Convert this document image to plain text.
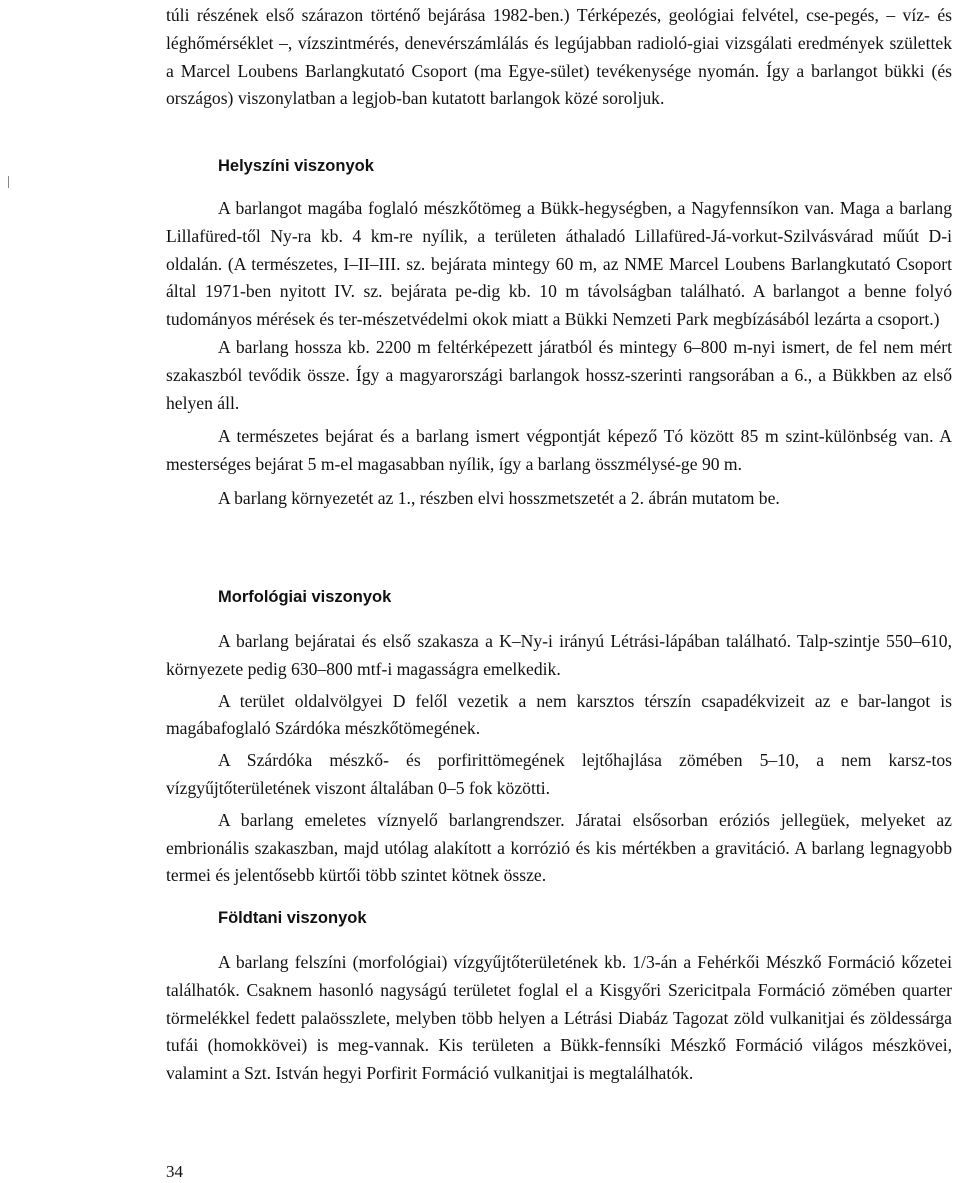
túli részének első szárazon történő bejárása 1982-ben.) Térképezés, geológiai felvétel, cse-pegés, – víz- és léghőmérséklet –, vízszintmérés, denevérszámlálás és legújabban radioló-giai vizsgálati eredmények születtek a Marcel Loubens Barlangkutató Csoport (ma Egye-sület) tevékenysége nyomán. Így a barlangot bükki (és országos) viszonylatban a legjob-ban kutatott barlangok közé soroljuk.

Helyszíni viszonyok

A barlangot magába foglaló mészkőtömeg a Bükk-hegységben, a Nagyfennsíkon van. Maga a barlang Lillafüred-től Ny-ra kb. 4 km-re nyílik, a területen áthaladó Lillafüred-Já-vorkut-Szilvásvárad műút D-i oldalán. (A természetes, I–II–III. sz. bejárata mintegy 60 m, az NME Marcel Loubens Barlangkutató Csoport által 1971-ben nyitott IV. sz. bejárata pe-dig kb. 10 m távolságban található. A barlangot a benne folyó tudományos mérések és ter-mészetvédelmi okok miatt a Bükki Nemzeti Park megbízásából lezárta a csoport.)

A barlang hossza kb. 2200 m feltérképezett járatból és mintegy 6–800 m-nyi ismert, de fel nem mért szakaszból tevődik össze. Így a magyarországi barlangok hossz-szerinti rangsorában a 6., a Bükkben az első helyen áll.

A természetes bejárat és a barlang ismert végpontját képező Tó között 85 m szint-különbség van. A mesterséges bejárat 5 m-el magasabban nyílik, így a barlang összmélysé-ge 90 m.

A barlang környezetét az 1., részben elvi hosszmetszetét a 2. ábrán mutatom be.

Morfológiai viszonyok

A barlang bejáratai és első szakasza a K–Ny-i irányú Létrási-lápában található. Talp-szintje 550–610, környezete pedig 630–800 mtf-i magasságra emelkedik.

A terület oldalvölgyei D felől vezetik a nem karsztos térszín csapadékvizeit az e bar-langot is magábafoglaló Szárdóka mészkőtömegének.

A Szárdóka mészkő- és porfirittömegének lejtőhajlása zömében 5–10, a nem karsz-tos vízgyűjtőterületének viszont általában 0–5 fok közötti.

A barlang emeletes víznyelő barlangrendszer. Járatai elsősorban eróziós jellegüek, melyeket az embrionális szakaszban, majd utólag alakított a korrózió és kis mértékben a gravitáció. A barlang legnagyobb termei és jelentősebb kürtői több szintet kötnek össze.

Földtani viszonyok

A barlang felszíni (morfológiai) vízgyűjtőterületének kb. 1/3-án a Fehérkői Mészkő Formáció kőzetei találhatók. Csaknem hasonló nagyságú területet foglal el a Kisgyőri Szericitpala Formáció zömében quarter törmelékkel fedett palaösszlete, melyben több helyen a Létrási Diabáz Tagozat zöld vulkanitjai és zöldessárga tufái (homokkövei) is meg-vannak. Kis területen a Bükk-fennsíki Mészkő Formáció világos mészkövei, valamint a Szt. István hegyi Porfirit Formáció vulkanitjai is megtalálhatók.

34
